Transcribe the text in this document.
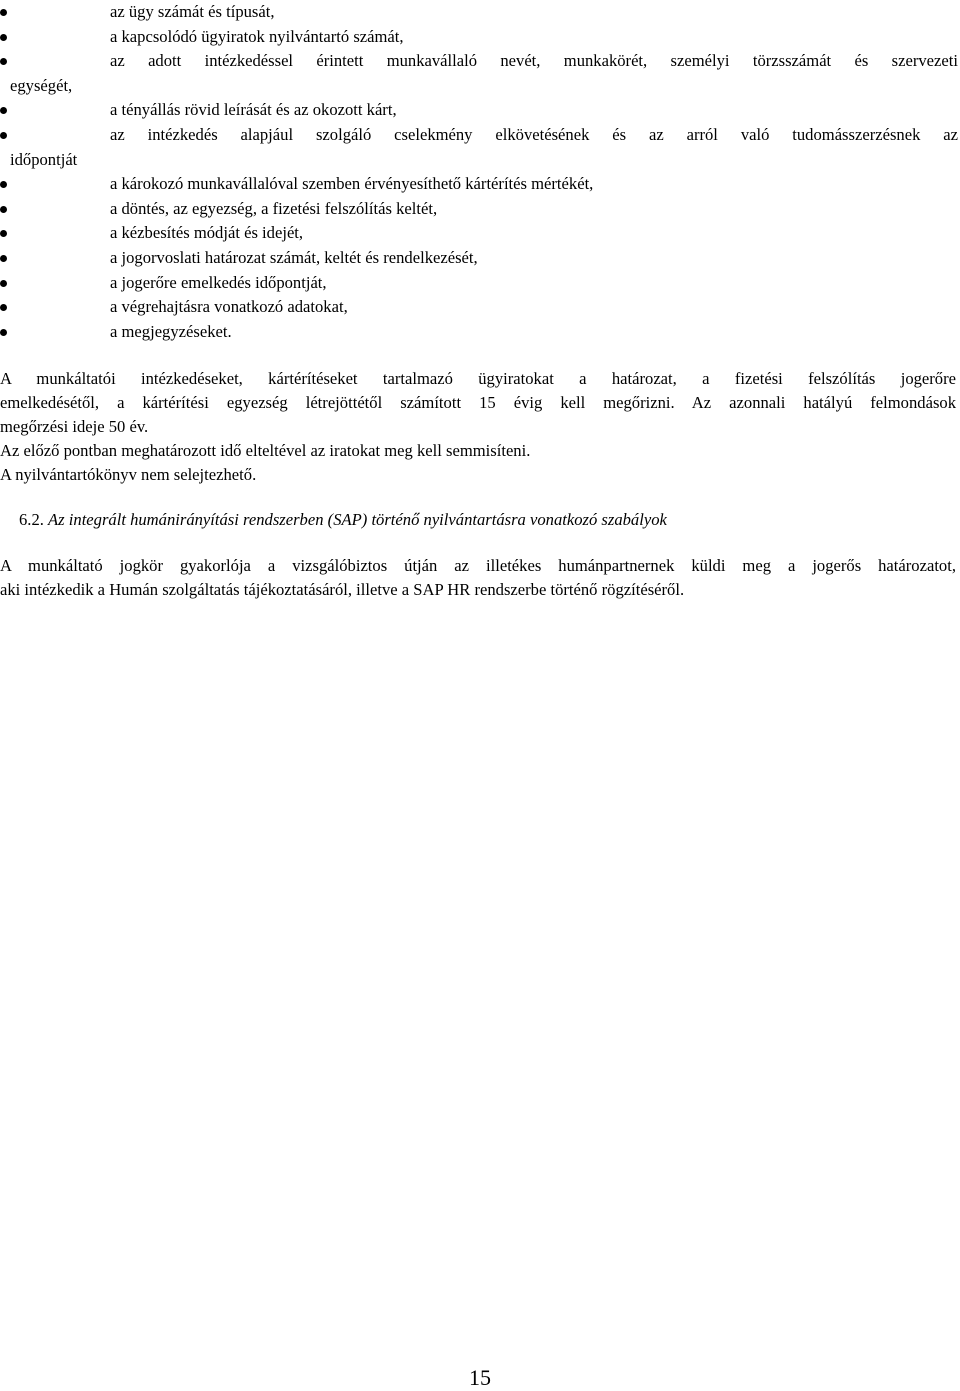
az ügy számát és típusát,
a kapcsolódó ügyiratok nyilvántartó számát,
az adott intézkedéssel érintett munkavállaló nevét, munkakörét, személyi törzsszámát és szervezeti
egységét,
a tényállás rövid leírását és az okozott kárt,
az intézkedés alapjául szolgáló cselekmény elkövetésének és az arról való tudomásszerzésnek az
időpontját
a károkozó munkavállalóval szemben érvényesíthető kártérítés mértékét,
a döntés, az egyezség, a fizetési felszólítás keltét,
a kézbesítés módját és idejét,
a jogorvoslati határozat számát, keltét és rendelkezését,
a jogerőre emelkedés időpontját,
a végrehajtásra vonatkozó adatokat,
a megjegyzéseket.
A munkáltatói intézkedéseket, kártérítéseket tartalmazó ügyiratokat a határozat, a fizetési felszólítás jogerőre
emelkedésétől, a kártérítési egyezség létrejöttétől számított 15 évig kell megőrizni. Az azonnali hatályú felmondások
megőrzési ideje 50 év.
Az előző pontban meghatározott idő elteltével az iratokat meg kell semmisíteni.
A nyilvántartókönyv nem selejtezhető.
6.2. Az integrált humánirányítási rendszerben (SAP) történő nyilvántartásra vonatkozó szabályok
A munkáltató jogkör gyakorlója a vizsgálóbiztos útján az illetékes humánpartnernek küldi meg a jogerős határozatot,
aki intézkedik a Humán szolgáltatás tájékoztatásáról, illetve a SAP HR rendszerbe történő rögzítéséről.
15
